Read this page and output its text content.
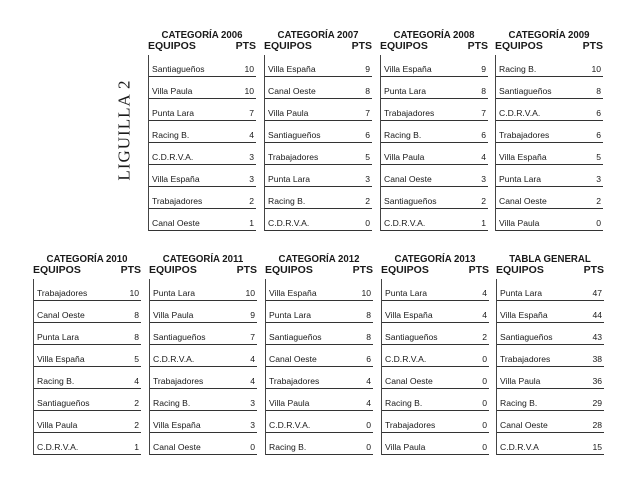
LIGUILLA 2
CATEGORÍA 2006
EQUIPOS	PTS
Santiagueños	10
Villa Paula	10
Punta Lara	7
Racing B.	4
C.D.R.V.A.	3
Villa España	3
Trabajadores	2
Canal Oeste	1
CATEGORÍA 2007
EQUIPOS	PTS
Villa España	9
Canal Oeste	8
Villa Paula	7
Santiagueños	6
Trabajadores	5
Punta Lara	3
Racing B.	2
C.D.R.V.A.	0
CATEGORÍA 2008
EQUIPOS	PTS
Villa España	9
Punta Lara	8
Trabajadores	7
Racing B.	6
Villa Paula	4
Canal Oeste	3
Santiagueños	2
C.D.R.V.A.	1
CATEGORÍA 2009
EQUIPOS	PTS
Racing B.	10
Santiagueños	8
C.D.R.V.A.	6
Trabajadores	6
Villa España	5
Punta Lara	3
Canal Oeste	2
Villa Paula	0
CATEGORÍA 2010
EQUIPOS	PTS
Trabajadores	10
Canal Oeste	8
Punta Lara	8
Villa España	5
Racing B.	4
Santiagueños	2
Villa Paula	2
C.D.R.V.A.	1
CATEGORÍA 2011
EQUIPOS	PTS
Punta Lara	10
Villa Paula	9
Santiagueños	7
C.D.R.V.A.	4
Trabajadores	4
Racing B.	3
Villa España	3
Canal Oeste	0
CATEGORÍA 2012
EQUIPOS	PTS
Villa España	10
Punta Lara	8
Santiagueños	8
Canal Oeste	6
Trabajadores	4
Villa Paula	4
C.D.R.V.A.	0
Racing B.	0
CATEGORÍA 2013
EQUIPOS	PTS
Punta Lara	4
Villa España	4
Santiagueños	2
C.D.R.V.A.	0
Canal Oeste	0
Racing B.	0
Trabajadores	0
Villa Paula	0
TABLA GENERAL
EQUIPOS	PTS
Punta Lara	47
Villa España	44
Santiagueños	43
Trabajadores	38
Villa Paula	36
Racing B.	29
Canal Oeste	28
C.D.R.V.A	15
